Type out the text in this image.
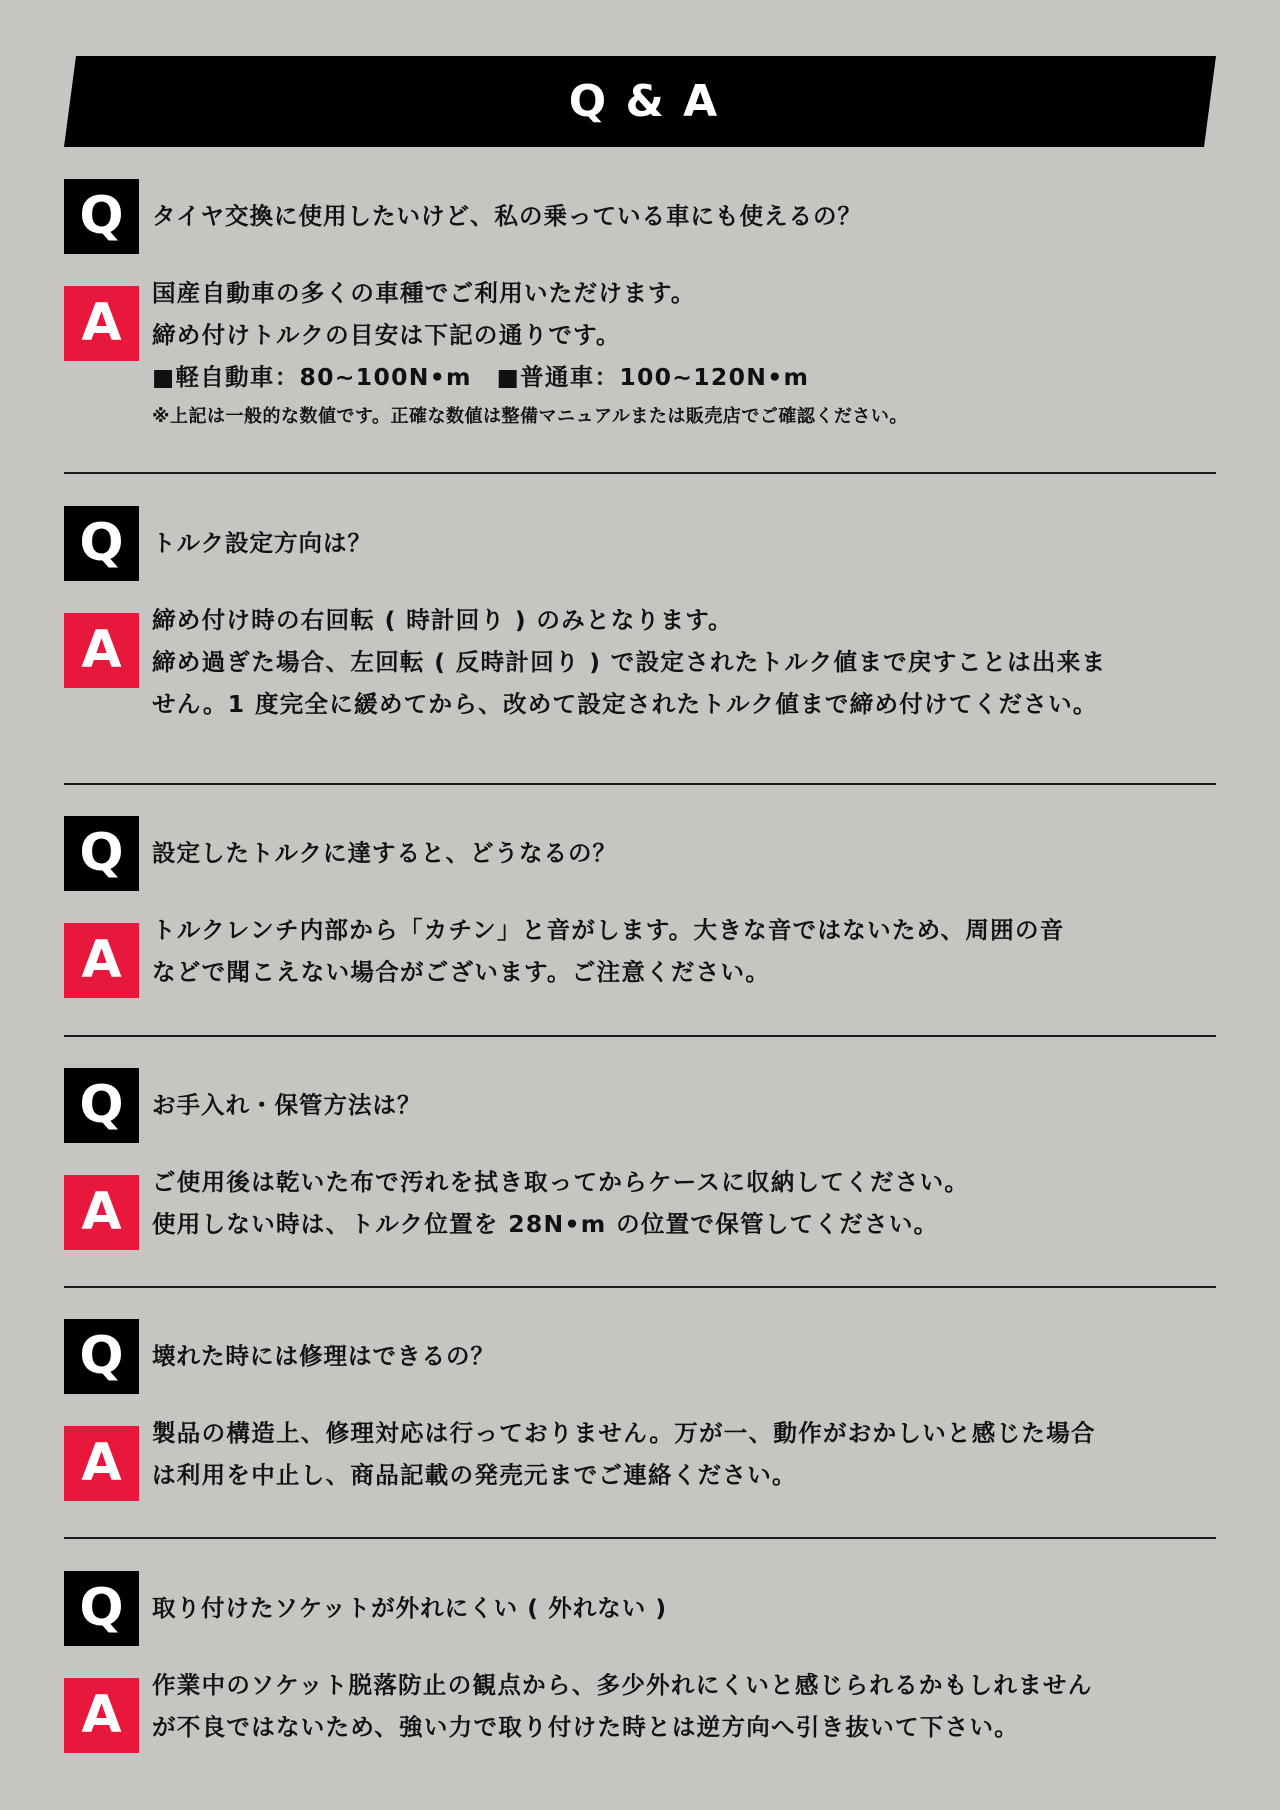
Q & A
Q	タイヤ交換に使用したいけど、私の乗っている車にも使えるの？
A	国産自動車の多くの車種でご利用いただけます。
締め付けトルクの目安は下記の通りです。
■軽自動車：80~100N•m　■普通車：100~120N•m
※上記は一般的な数値です。正確な数値は整備マニュアルまたは販売店でご確認ください。
Q	トルク設定方向は？
A	締め付け時の右回転 ( 時計回り ) のみとなります。
締め過ぎた場合、左回転 ( 反時計回り ) で設定されたトルク値まで戻すことは出来ま
せん。1 度完全に緩めてから、改めて設定されたトルク値まで締め付けてください。
Q	設定したトルクに達すると、どうなるの？
A	トルクレンチ内部から「カチン」と音がします。大きな音ではないため、周囲の音
などで聞こえない場合がございます。ご注意ください。
Q	お手入れ・保管方法は？
A	ご使用後は乾いた布で汚れを拭き取ってからケースに収納してください。
使用しない時は、トルク位置を 28N•m の位置で保管してください。
Q	壊れた時には修理はできるの？
A	製品の構造上、修理対応は行っておりません。万が一、動作がおかしいと感じた場合
は利用を中止し、商品記載の発売元までご連絡ください。
Q	取り付けたソケットが外れにくい ( 外れない )
A	作業中のソケット脱落防止の観点から、多少外れにくいと感じられるかもしれません
が不良ではないため、強い力で取り付けた時とは逆方向へ引き抜いて下さい。
